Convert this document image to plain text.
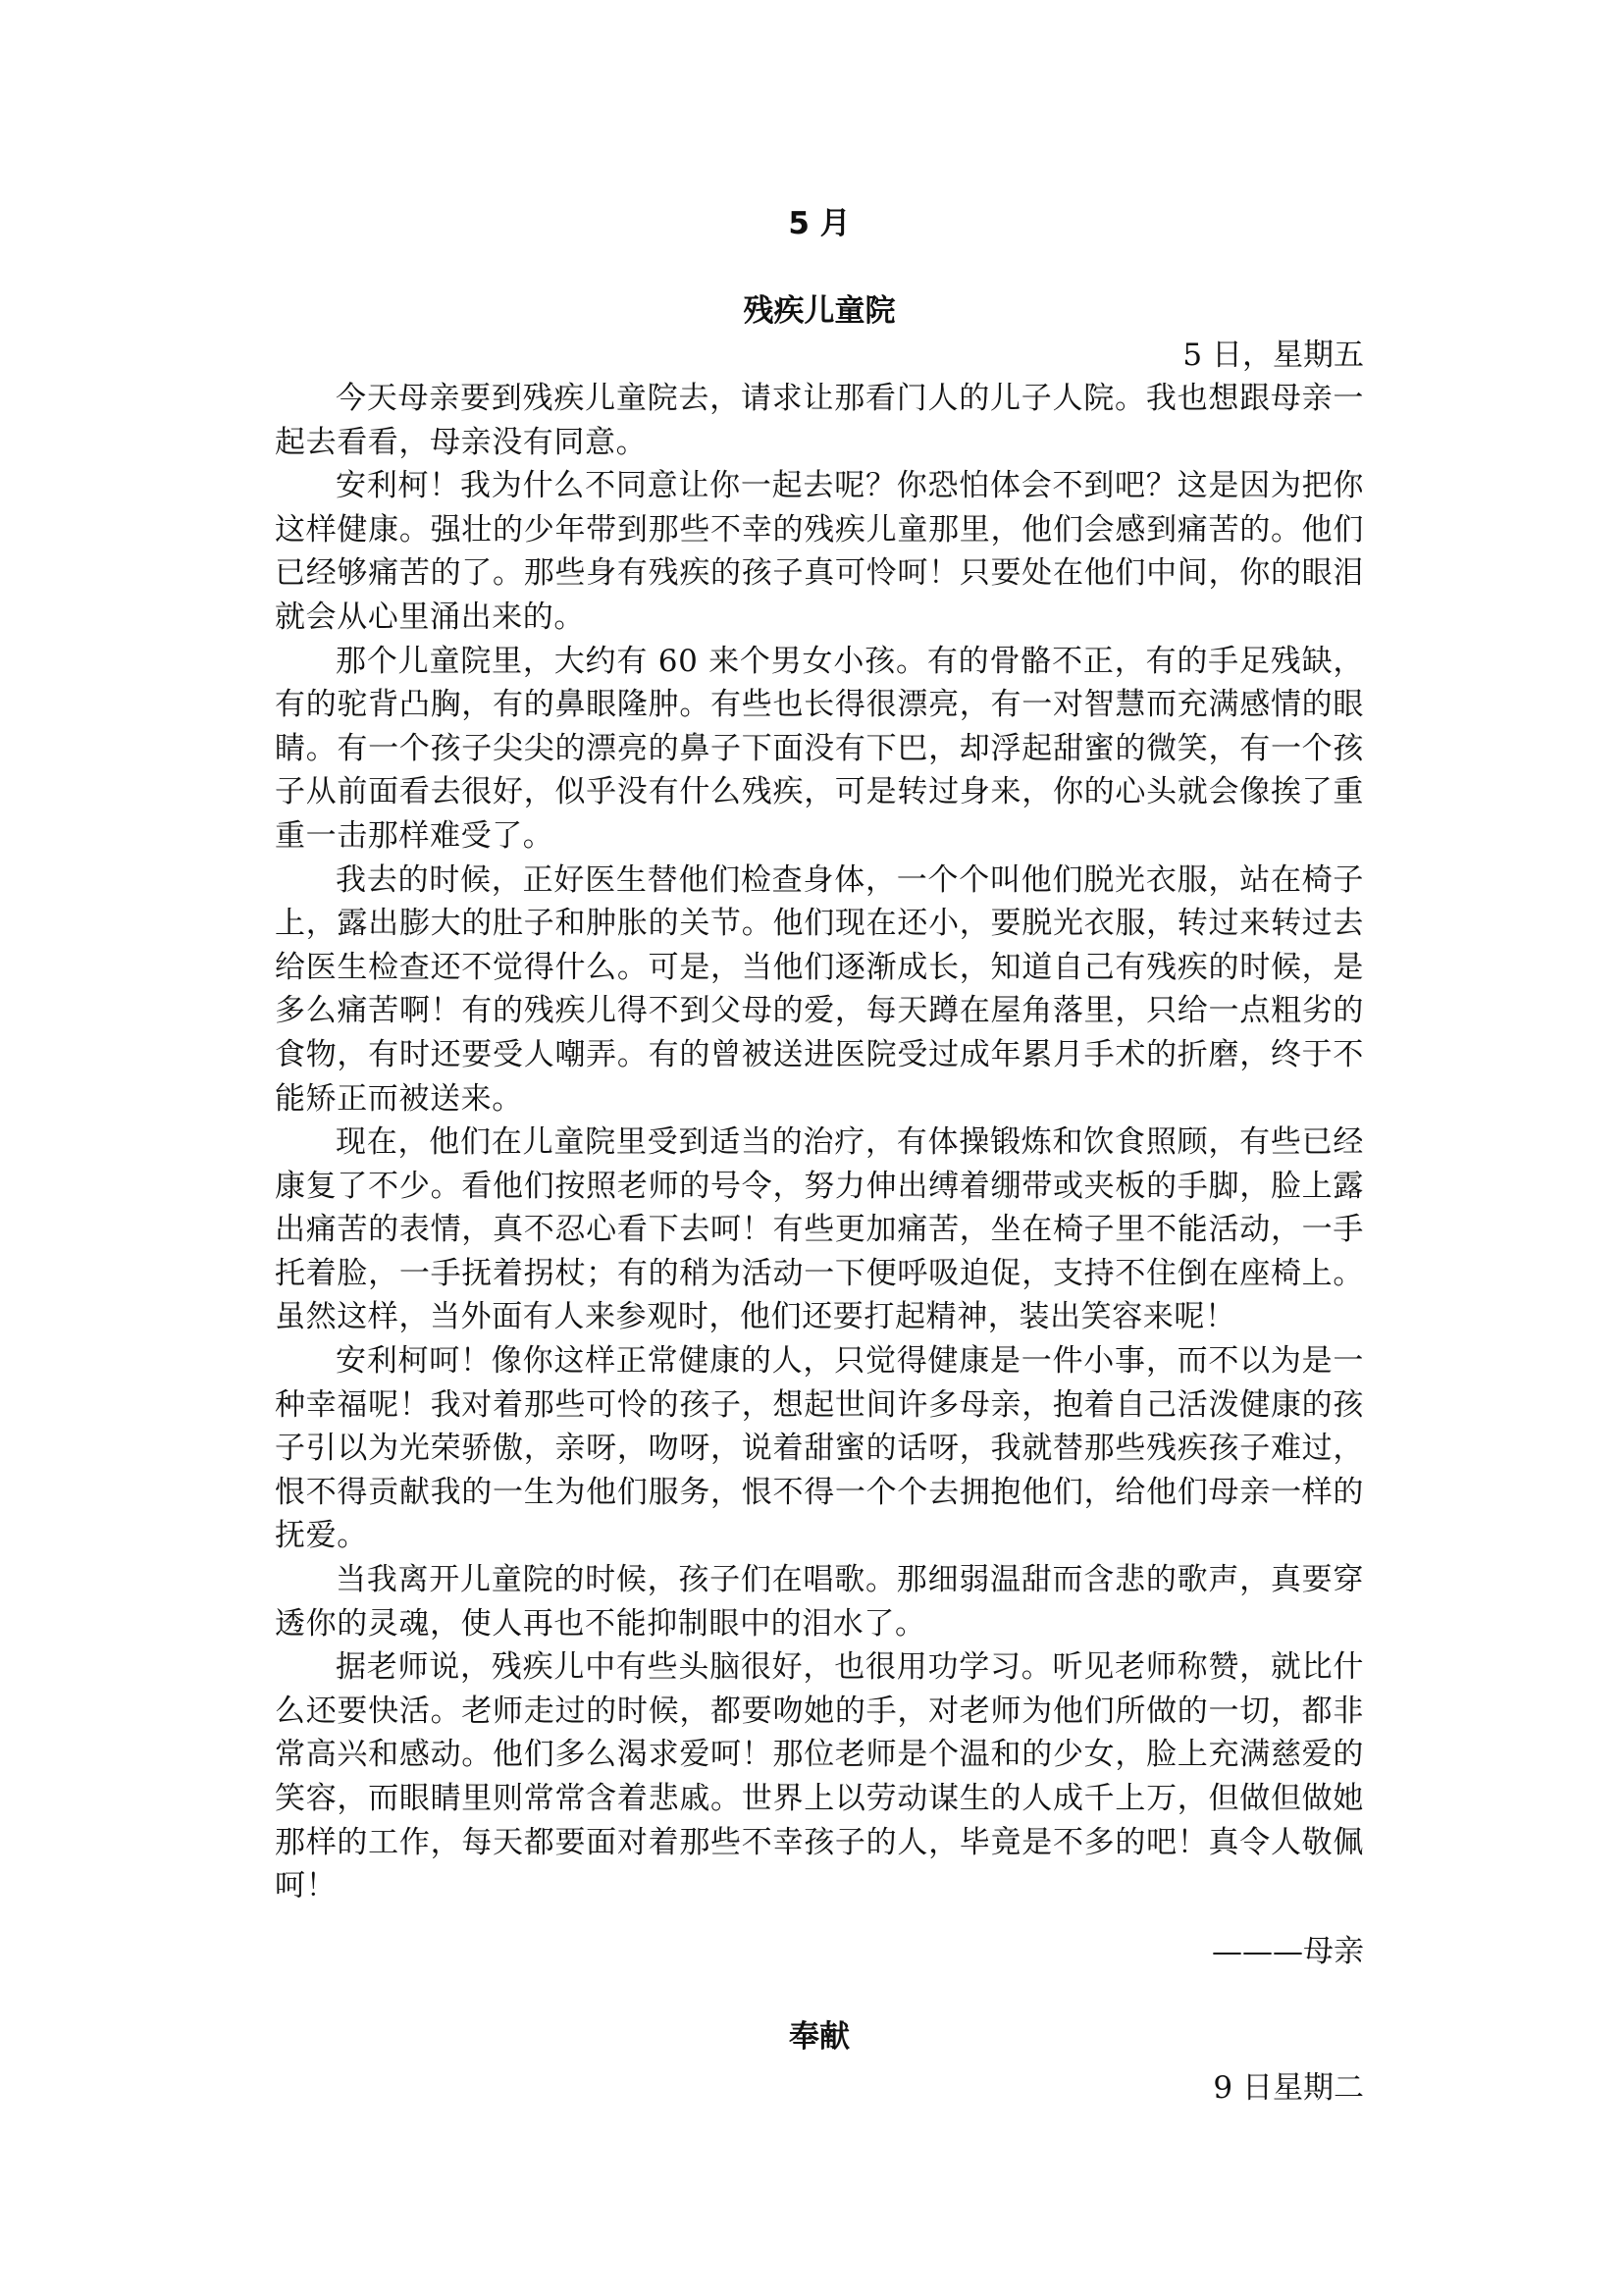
5 月
残疾儿童院
5 日，星期五

今天母亲要到残疾儿童院去，请求让那看门人的儿子人院。我也想跟母亲一起去看看，母亲没有同意。

安利柯！我为什么不同意让你一起去呢？你恐怕体会不到吧？这是因为把你这样健康。强壮的少年带到那些不幸的残疾儿童那里，他们会感到痛苦的。他们已经够痛苦的了。那些身有残疾的孩子真可怜呵！只要处在他们中间，你的眼泪就会从心里涌出来的。

那个儿童院里，大约有 60 来个男女小孩。有的骨骼不正，有的手足残缺，有的驼背凸胸，有的鼻眼隆肿。有些也长得很漂亮，有一对智慧而充满感情的眼睛。有一个孩子尖尖的漂亮的鼻子下面没有下巴，却浮起甜蜜的微笑，有一个孩子从前面看去很好，似乎没有什么残疾，可是转过身来，你的心头就会像挨了重重一击那样难受了。

我去的时候，正好医生替他们检查身体，一个个叫他们脱光衣服，站在椅子上，露出膨大的肚子和肿胀的关节。他们现在还小，要脱光衣服，转过来转过去给医生检查还不觉得什么。可是，当他们逐渐成长，知道自己有残疾的时候，是多么痛苦啊！有的残疾儿得不到父母的爱，每天蹲在屋角落里，只给一点粗劣的食物，有时还要受人嘲弄。有的曾被送进医院受过成年累月手术的折磨，终于不能矫正而被送来。

现在，他们在儿童院里受到适当的治疗，有体操锻炼和饮食照顾，有些已经康复了不少。看他们按照老师的号令，努力伸出缚着绷带或夹板的手脚，脸上露出痛苦的表情，真不忍心看下去呵！有些更加痛苦，坐在椅子里不能活动，一手托着脸，一手抚着拐杖；有的稍为活动一下便呼吸迫促，支持不住倒在座椅上。虽然这样，当外面有人来参观时，他们还要打起精神，装出笑容来呢！

安利柯呵！像你这样正常健康的人，只觉得健康是一件小事，而不以为是一种幸福呢！我对着那些可怜的孩子，想起世间许多母亲，抱着自己活泼健康的孩子引以为光荣骄傲，亲呀，吻呀，说着甜蜜的话呀，我就替那些残疾孩子难过，恨不得贡献我的一生为他们服务，恨不得一个个去拥抱他们，给他们母亲一样的抚爱。

当我离开儿童院的时候，孩子们在唱歌。那细弱温甜而含悲的歌声，真要穿透你的灵魂，使人再也不能抑制眼中的泪水了。

据老师说，残疾儿中有些头脑很好，也很用功学习。听见老师称赞，就比什么还要快活。老师走过的时候，都要吻她的手，对老师为他们所做的一切，都非常高兴和感动。他们多么渴求爱呵！那位老师是个温和的少女，脸上充满慈爱的笑容，而眼睛里则常常含着悲戚。世界上以劳动谋生的人成千上万，但做但做她那样的工作，每天都要面对着那些不幸孩子的人，毕竟是不多的吧！真令人敬佩呵！

———母亲
奉献
9 日星期二
